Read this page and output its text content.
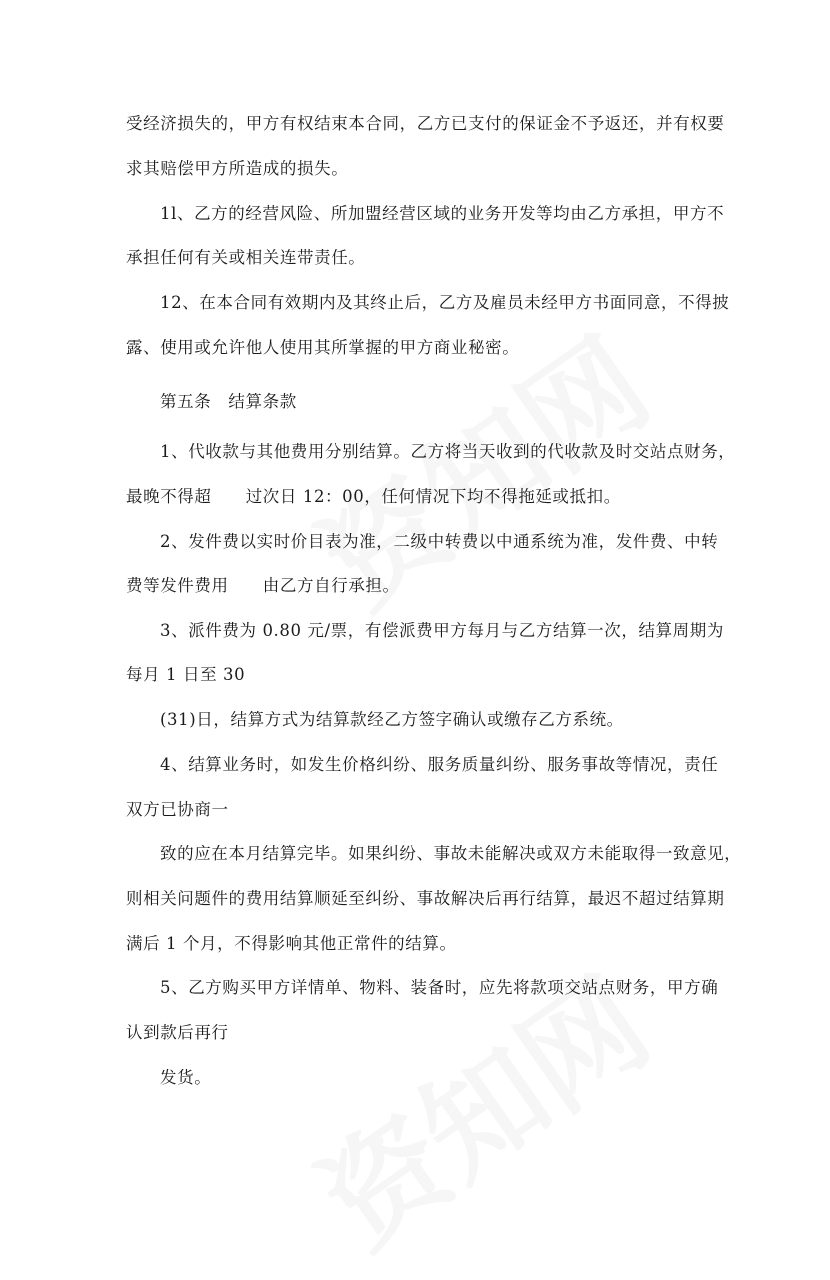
受经济损失的，甲方有权结束本合同，乙方已支付的保证金不予返还，并有权要
求其赔偿甲方所造成的损失。
1l、乙方的经营风险、所加盟经营区域的业务开发等均由乙方承担，甲方不
承担任何有关或相关连带责任。
12、在本合同有效期内及其终止后，乙方及雇员未经甲方书面同意，不得披
露、使用或允许他人使用其所掌握的甲方商业秘密。
第五条　结算条款
1、代收款与其他费用分别结算。乙方将当天收到的代收款及时交站点财务，
最晚不得超　　过次日 12：00，任何情况下均不得拖延或抵扣。
2、发件费以实时价目表为准，二级中转费以中通系统为准，发件费、中转
费等发件费用　　由乙方自行承担。
3、派件费为 0.80 元/票，有偿派费甲方每月与乙方结算一次，结算周期为
每月 1 日至 30
(31)日，结算方式为结算款经乙方签字确认或缴存乙方系统。
4、结算业务时，如发生价格纠纷、服务质量纠纷、服务事故等情况，责任
双方已协商一
致的应在本月结算完毕。如果纠纷、事故未能解决或双方未能取得一致意见，
则相关问题件的费用结算顺延至纠纷、事故解决后再行结算，最迟不超过结算期
满后 1 个月，不得影响其他正常件的结算。
5、乙方购买甲方详情单、物料、装备时，应先将款项交站点财务，甲方确
认到款后再行
发货。
